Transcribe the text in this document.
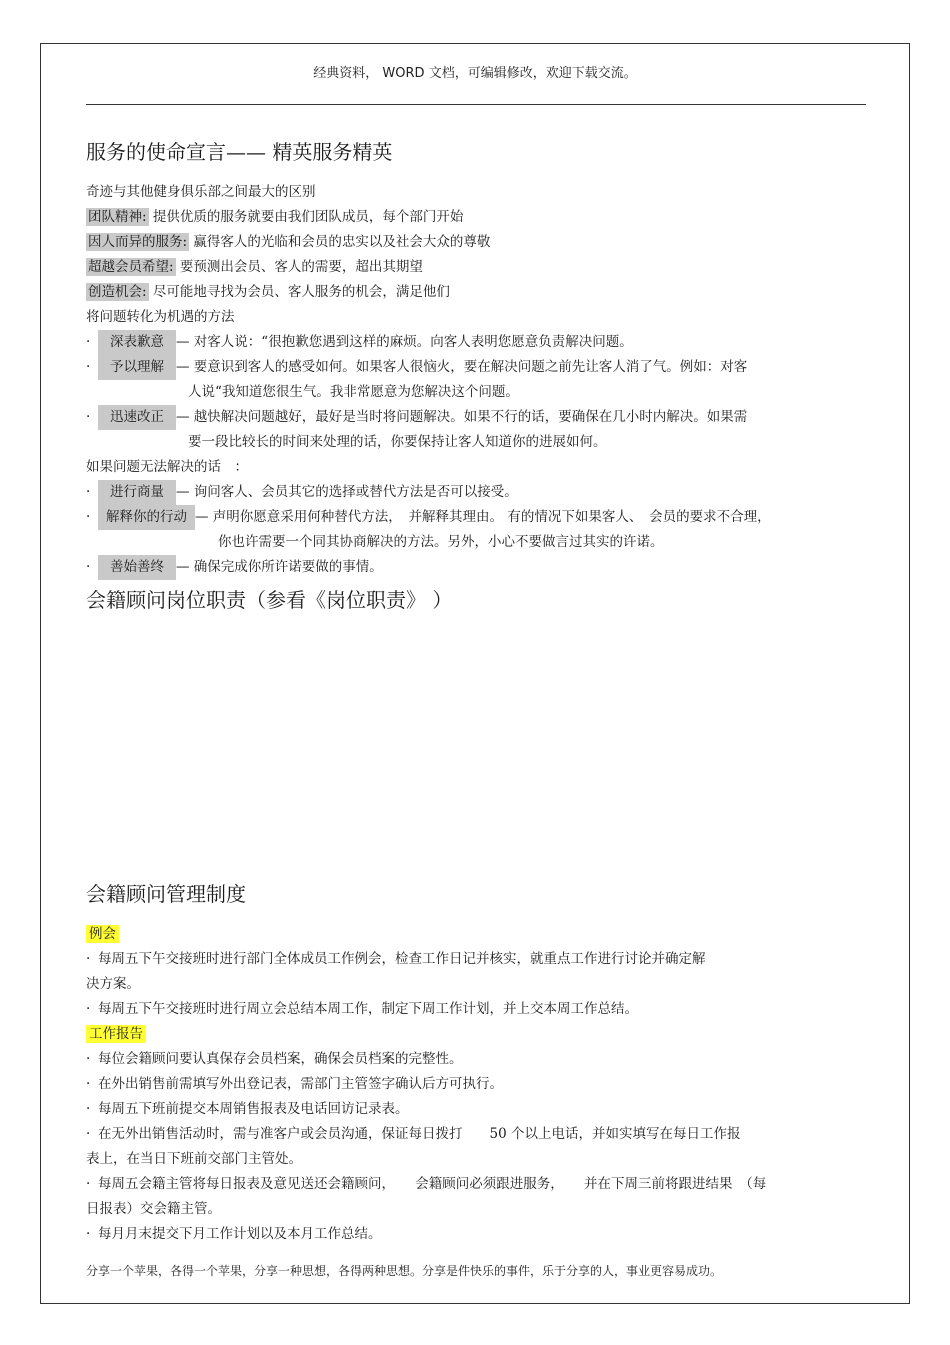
经典资料， WORD 文档，可编辑修改，欢迎下载交流。
服务的使命宣言—— 精英服务精英
奇迹与其他健身俱乐部之间最大的区别
团队精神: 提供优质的服务就要由我们团队成员，每个部门开始
因人而异的服务: 赢得客人的光临和会员的忠实以及社会大众的尊敬
超越会员希望: 要预测出会员、客人的需要，超出其期望
创造机会: 尽可能地寻找为会员、客人服务的机会，满足他们
将问题转化为机遇的方法
· 深表歉意 — 对客人说：“很抱歉您遇到这样的麻烦。向客人表明您愿意负责解决问题。
· 予以理解 — 要意识到客人的感受如何。如果客人很恼火，要在解决问题之前先让客人消了气。例如：对客
人说“我知道您很生气。我非常愿意为您解决这个问题。
· 迅速改正 — 越快解决问题越好，最好是当时将问题解决。如果不行的话，要确保在几小时内解决。如果需
要一段比较长的时间来处理的话，你要保持让客人知道你的进展如何。
如果问题无法解决的话　：
· 进行商量 — 询问客人、会员其它的选择或替代方法是否可以接受。
· 解释你的行动 — 声明你愿意采用何种替代方法，　并解释其理由。 有的情况下如果客人、　会员的要求不合理，
你也许需要一个同其协商解决的方法。另外，小心不要做言过其实的许诺。
· 善始善终 — 确保完成你所许诺要做的事情。
会籍顾问岗位职责（参看《岗位职责》 ）
会籍顾问管理制度
例会
· 每周五下午交接班时进行部门全体成员工作例会，检查工作日记并核实，就重点工作进行讨论并确定解
决方案。
· 每周五下午交接班时进行周立会总结本周工作，制定下周工作计划，并上交本周工作总结。
工作报告
· 每位会籍顾问要认真保存会员档案，确保会员档案的完整性。
· 在外出销售前需填写外出登记表，需部门主管签字确认后方可执行。
· 每周五下班前提交本周销售报表及电话回访记录表。
· 在无外出销售活动时，需与准客户或会员沟通，保证每日拨打　　50 个以上电话，并如实填写在每日工作报
表上，在当日下班前交部门主管处。
· 每周五会籍主管将每日报表及意见送还会籍顾问，　　会籍顾问必须跟进服务，　　并在下周三前将跟进结果　（每
日报表）交会籍主管。
· 每月月末提交下月工作计划以及本月工作总结。
分享一个苹果，各得一个苹果，分享一种思想，各得两种思想。分享是件快乐的事件，乐于分享的人，事业更容易成功。
